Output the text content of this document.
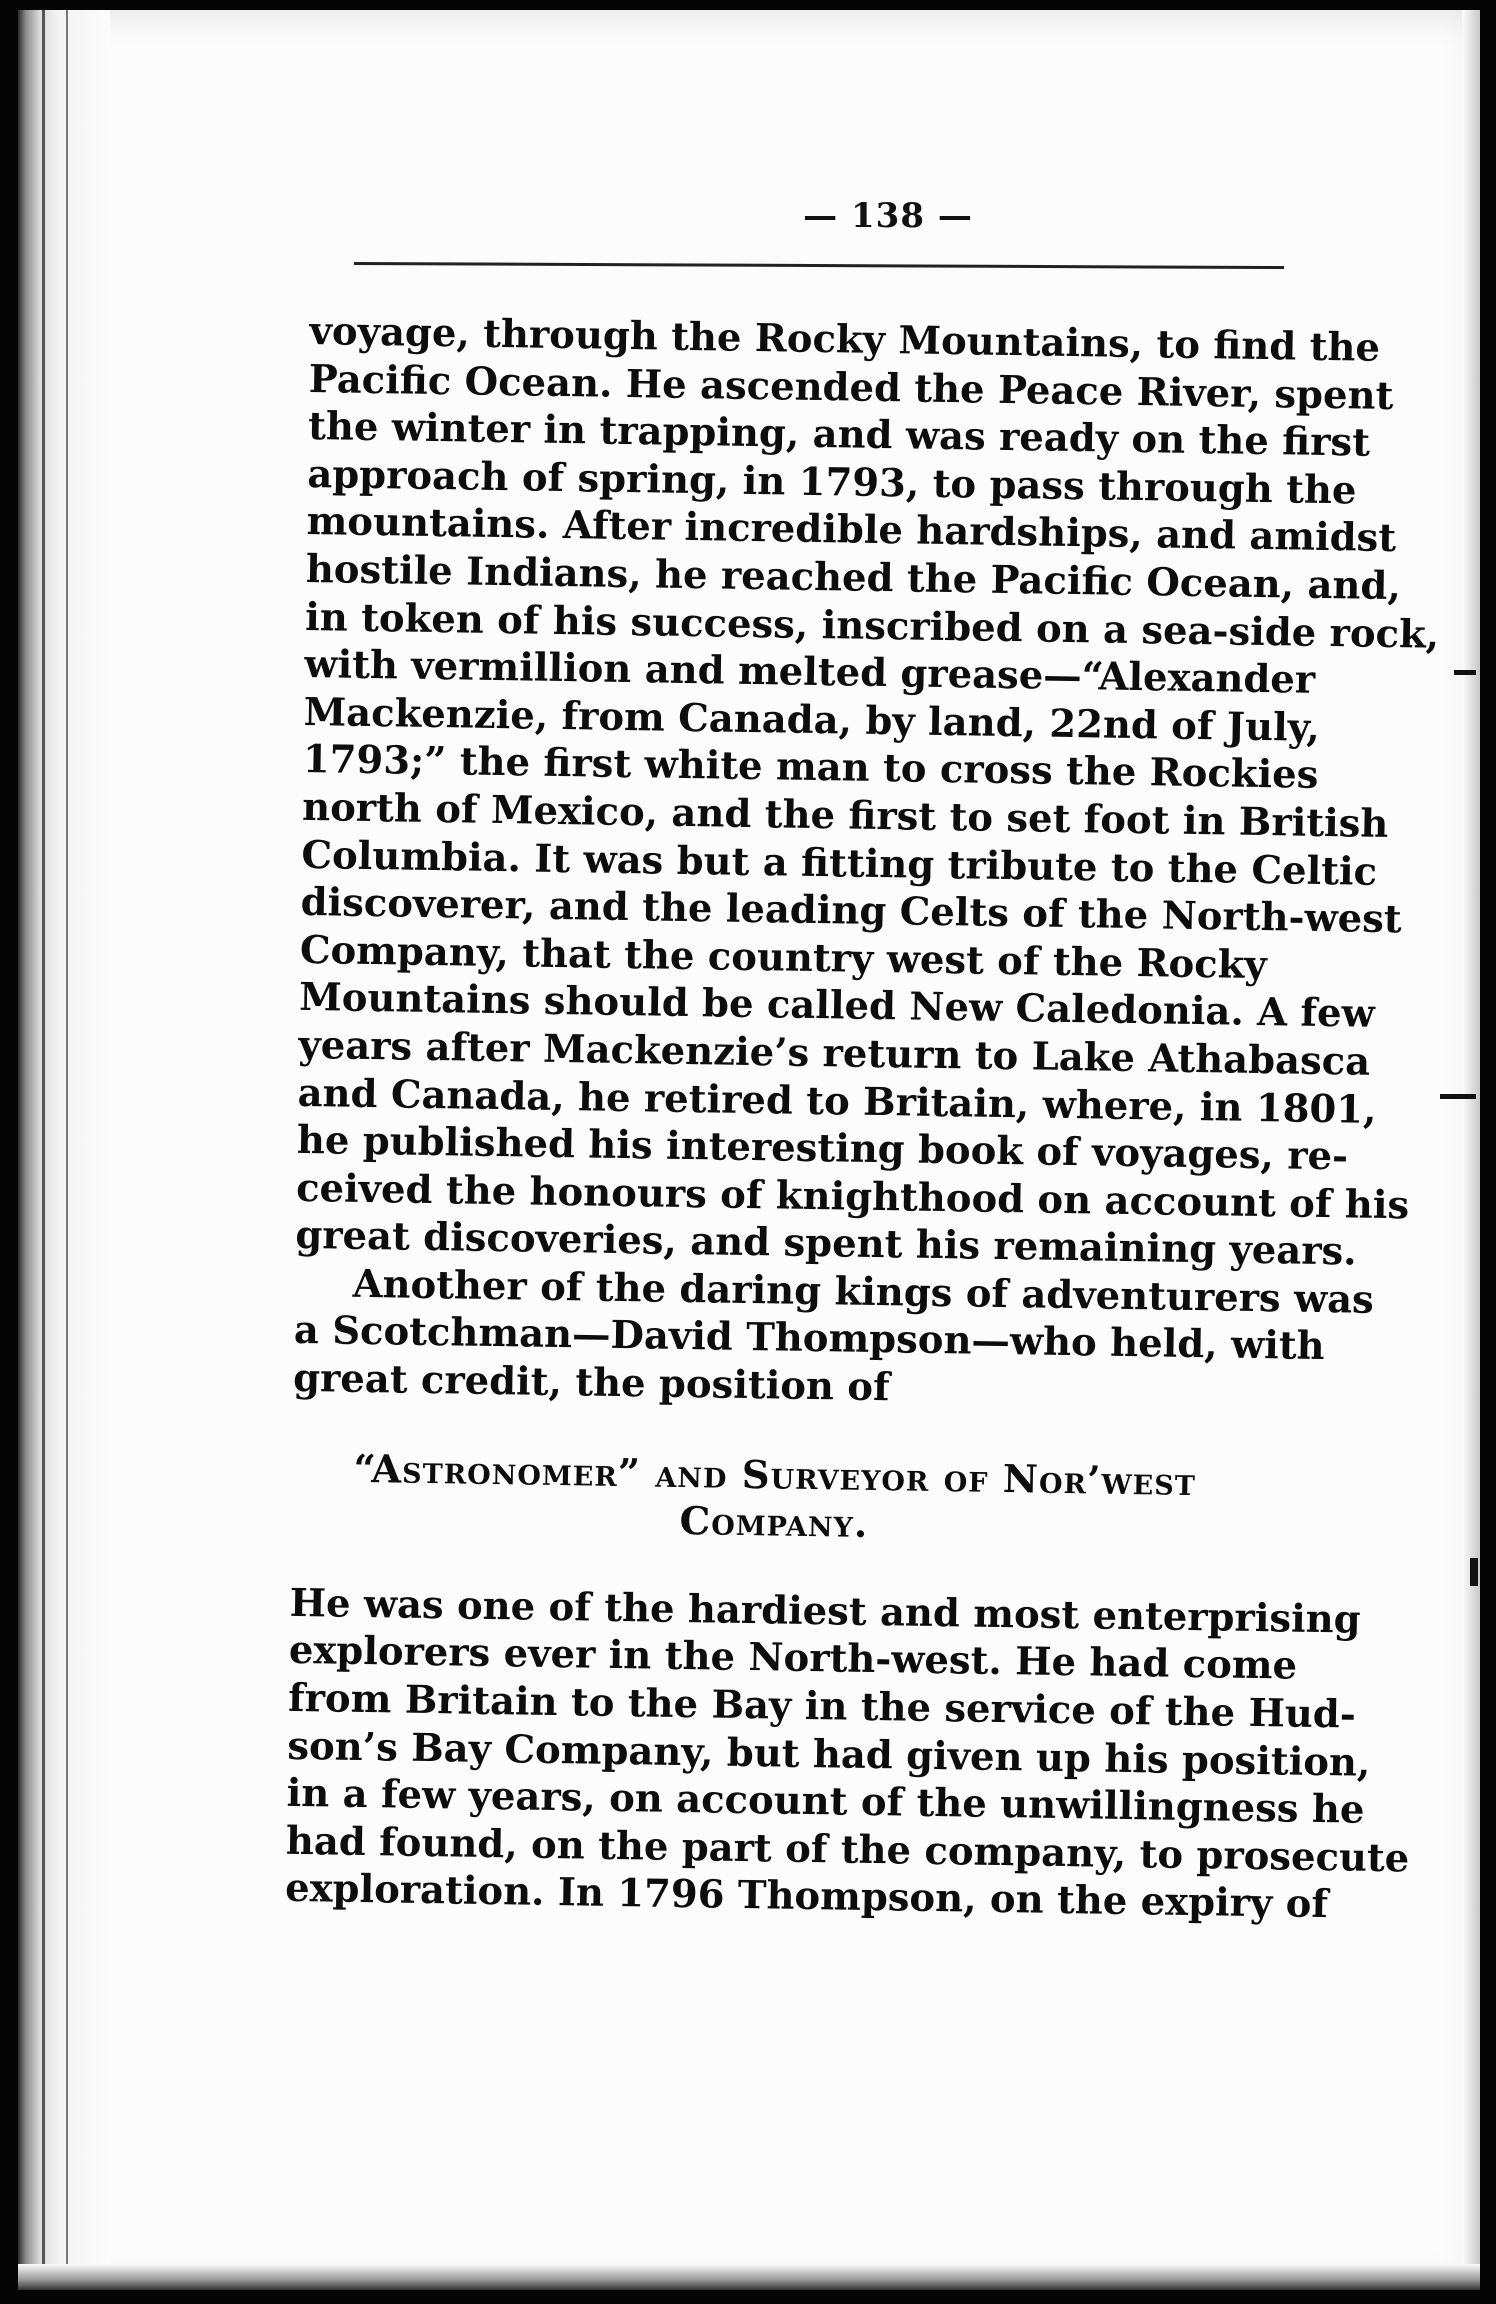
— 138 —
voyage, through the Rocky Mountains, to find the
Pacific Ocean. He ascended the Peace River, spent
the winter in trapping, and was ready on the first
approach of spring, in 1793, to pass through the
mountains. After incredible hardships, and amidst
hostile Indians, he reached the Pacific Ocean, and,
in token of his success, inscribed on a sea-side rock,
with vermillion and melted grease—“Alexander
Mackenzie, from Canada, by land, 22nd of July,
1793;” the first white man to cross the Rockies
north of Mexico, and the first to set foot in British
Columbia. It was but a fitting tribute to the Celtic
discoverer, and the leading Celts of the North-west
Company, that the country west of the Rocky
Mountains should be called New Caledonia. A few
years after Mackenzie’s return to Lake Athabasca
and Canada, he retired to Britain, where, in 1801,
he published his interesting book of voyages, re-
ceived the honours of knighthood on account of his
great discoveries, and spent his remaining years.
Another of the daring kings of adventurers was
a Scotchman—David Thompson—who held, with
great credit, the position of
“Astronomer” and Surveyor of Nor’west
Company.
He was one of the hardiest and most enterprising
explorers ever in the North-west. He had come
from Britain to the Bay in the service of the Hud-
son’s Bay Company, but had given up his position,
in a few years, on account of the unwillingness he
had found, on the part of the company, to prosecute
exploration. In 1796 Thompson, on the expiry of
